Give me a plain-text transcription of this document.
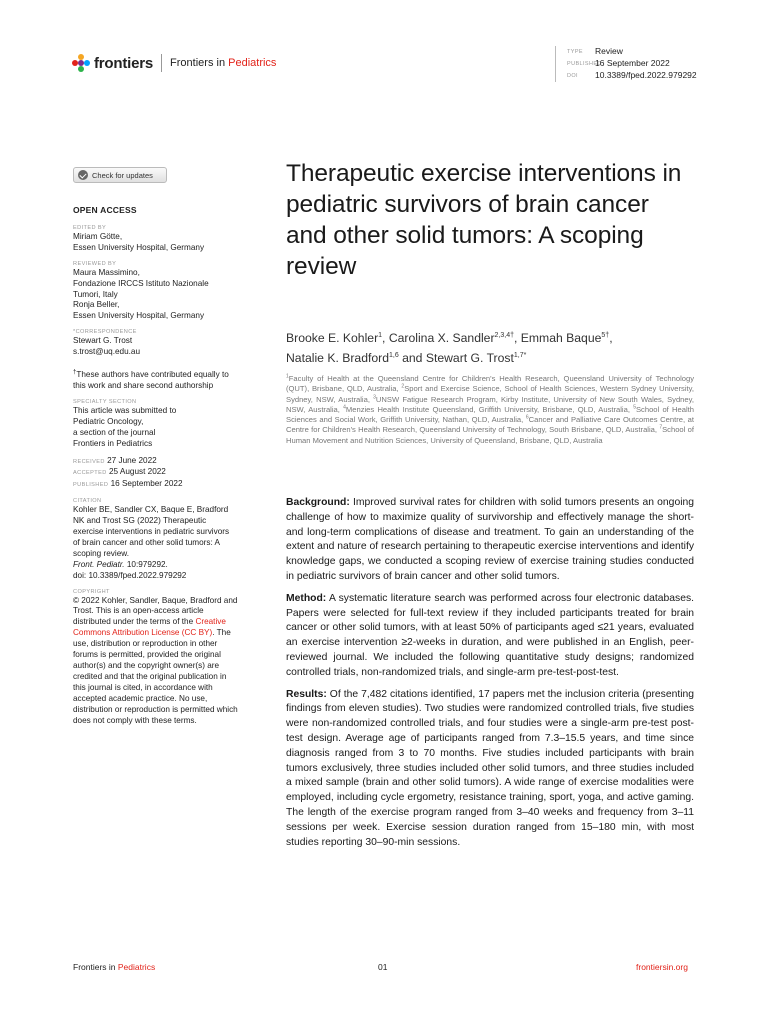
frontiers Frontiers in Pediatrics
TYPE Review
PUBLISHED16 September 2022
DOI 10.3389/fped.2022.979292
Check for updates
OPEN ACCESS
EDITED BY
Miriam Götte,
Essen University Hospital, Germany
REVIEWED BY
Maura Massimino,
Fondazione IRCCS Istituto Nazionale
Tumori, Italy
Ronja Beller,
Essen University Hospital, Germany
*CORRESPONDENCE
Stewart G. Trost
s.trost@uq.edu.au
†These authors have contributed equally to this work and share second authorship
SPECIALTY SECTION
This article was submitted to
Pediatric Oncology,
a section of the journal
Frontiers in Pediatrics
RECEIVED 27 June 2022
ACCEPTED 25 August 2022
PUBLISHED 16 September 2022
CITATION
Kohler BE, Sandler CX, Baque E, Bradford NK and Trost SG (2022) Therapeutic exercise interventions in pediatric survivors of brain cancer and other solid tumors: A scoping review.
Front. Pediatr. 10:979292.
doi: 10.3389/fped.2022.979292
COPYRIGHT
© 2022 Kohler, Sandler, Baque, Bradford and Trost. This is an open-access article distributed under the terms of the Creative Commons Attribution License (CC BY). The use, distribution or reproduction in other forums is permitted, provided the original author(s) and the copyright owner(s) are credited and that the original publication in this journal is cited, in accordance with accepted academic practice. No use, distribution or reproduction is permitted which does not comply with these terms.
Therapeutic exercise interventions in pediatric survivors of brain cancer and other solid tumors: A scoping review
Brooke E. Kohler$^1$, Carolina X. Sandler$^{2,3,4\dagger}$, Emmah Baque$^{5\dagger}$,
Natalie K. Bradford$^{1,6}$ and Stewart G. Trost$^{1,7*}$
$^1$Faculty of Health at the Queensland Centre for Children's Health Research, Queensland University of Technology (QUT), Brisbane, QLD, Australia, $^2$Sport and Exercise Science, School of Health Sciences, Western Sydney University, Sydney, NSW, Australia, $^3$UNSW Fatigue Research Program, Kirby Institute, University of New South Wales, Sydney, NSW, Australia, $^4$Menzies Health Institute Queensland, Griffith University, Brisbane, QLD, Australia, $^5$School of Health Sciences and Social Work, Griffith University, Nathan, QLD, Australia, $^6$Cancer and Palliative Care Outcomes Centre, at Centre for Children's Health Research, Queensland University of Technology, South Brisbane, QLD, Australia, $^7$School of Human Movement and Nutrition Sciences, University of Queensland, Brisbane, QLD, Australia

Background: Improved survival rates for children with solid tumors presents an ongoing challenge of how to maximize quality of survivorship and effectively manage the short- and long-term complications of disease and treatment. To gain an understanding of the extent and nature of research pertaining to therapeutic exercise interventions and identify knowledge gaps, we conducted a scoping review of exercise training studies conducted in pediatric survivors of brain cancer and other solid tumors.

Method: A systematic literature search was performed across four electronic databases. Papers were selected for full-text review if they included participants treated for brain cancer or other solid tumors, with at least 50% of participants aged ≤21 years, evaluated an exercise intervention ≥2-weeks in duration, and were published in an English, peer-reviewed journal. We included the following quantitative study designs; randomized controlled trials, non-randomized trials, and single-arm pre-test-post-test.

Results: Of the 7,482 citations identified, 17 papers met the inclusion criteria (presenting findings from eleven studies). Two studies were randomized controlled trials, five studies were non-randomized controlled trials, and four studies were a single-arm pre-test post-test design. Average age of participants ranged from 7.3–15.5 years, and time since diagnosis ranged from 3 to 70 months. Five studies included participants with brain tumors exclusively, three studies included other solid tumors, and three studies included a mixed sample (brain and other solid tumors). A wide range of exercise modalities were employed, including cycle ergometry, resistance training, sport, yoga, and active gaming. The length of the exercise program ranged from 3–40 weeks and frequency from 3–11 sessions per week. Exercise session duration ranged from 15–180 min, with most studies reporting 30–90-min sessions.

Frontiers in Pediatrics	01	frontiersin.org
